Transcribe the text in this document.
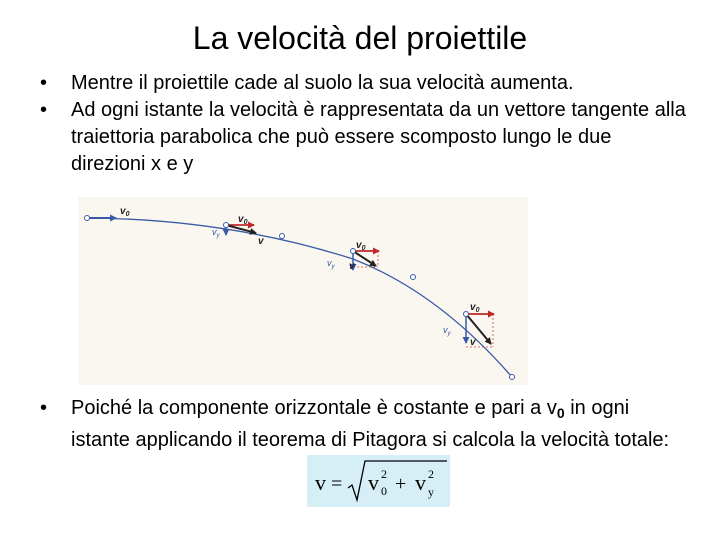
La velocità del proiettile
• Mentre il proiettile cade al suolo la sua velocità aumenta.
• Ad ogni istante la velocità è rappresentata da un vettore tangente alla traiettoria parabolica che può essere scomposto lungo le due direzioni x e y
$v_0$	$v_0$
$v_y$	v	$v_0$
$v_y$ v
$v_0$
$v_y$
v
• Poiché la componente orizzontale è costante e pari a $v_0$ in ogni istante applicando il teorema di Pitagora si calcola la velocità totale:
v = v 2
0 + v 2
y
